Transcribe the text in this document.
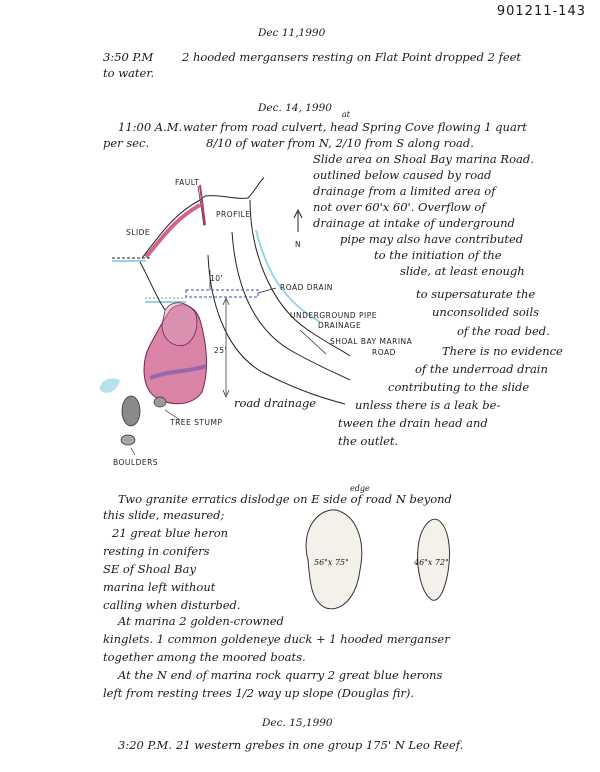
901211-143
Dec 11,1990
3:50 P.M 2 hooded mergansers resting on Flat Point dropped 2 feet
to water.
Dec. 14, 1990
at
11:00 A.M. water from road culvert, head Spring Cove flowing 1 quart
per sec.	8/10 of water from N, 2/10 from S along road.
Slide area on Shoal Bay marina Road.
outlined below caused by road
drainage from a limited area of
not over 60'x 60'. Overflow of
drainage at intake of underground
pipe may also have contributed
to the initiation of the
slide, at least enough
to supersaturate the
unconsolided soils
of the road bed.
There is no evidence
of the underroad drain
contributing to the slide
unless there is a leak be-
tween the drain head and
the outlet.
road drainage
FAULT
PROFILE
SLIDE
N
10'
25'
ROAD DRAIN
UNDERGROUND PIPE
DRAINAGE
SHOAL BAY MARINA
ROAD
TREE STUMP
BOULDERS
edge
Two granite erratics dislodge on E side of road N beyond
this slide, measured;
21 great blue heron
resting in conifers
SE of Shoal Bay
marina left without
calling when disturbed.
56"x 75"	46"x 72"
At marina 2 golden-crowned
kinglets. 1 common goldeneye duck + 1 hooded merganser
together among the moored boats.
At the N end of marina rock quarry 2 great blue herons
left from resting trees 1/2 way up slope (Douglas fir).
Dec. 15,1990
3:20 P.M. 21 western grebes in one group 175' N Leo Reef.
